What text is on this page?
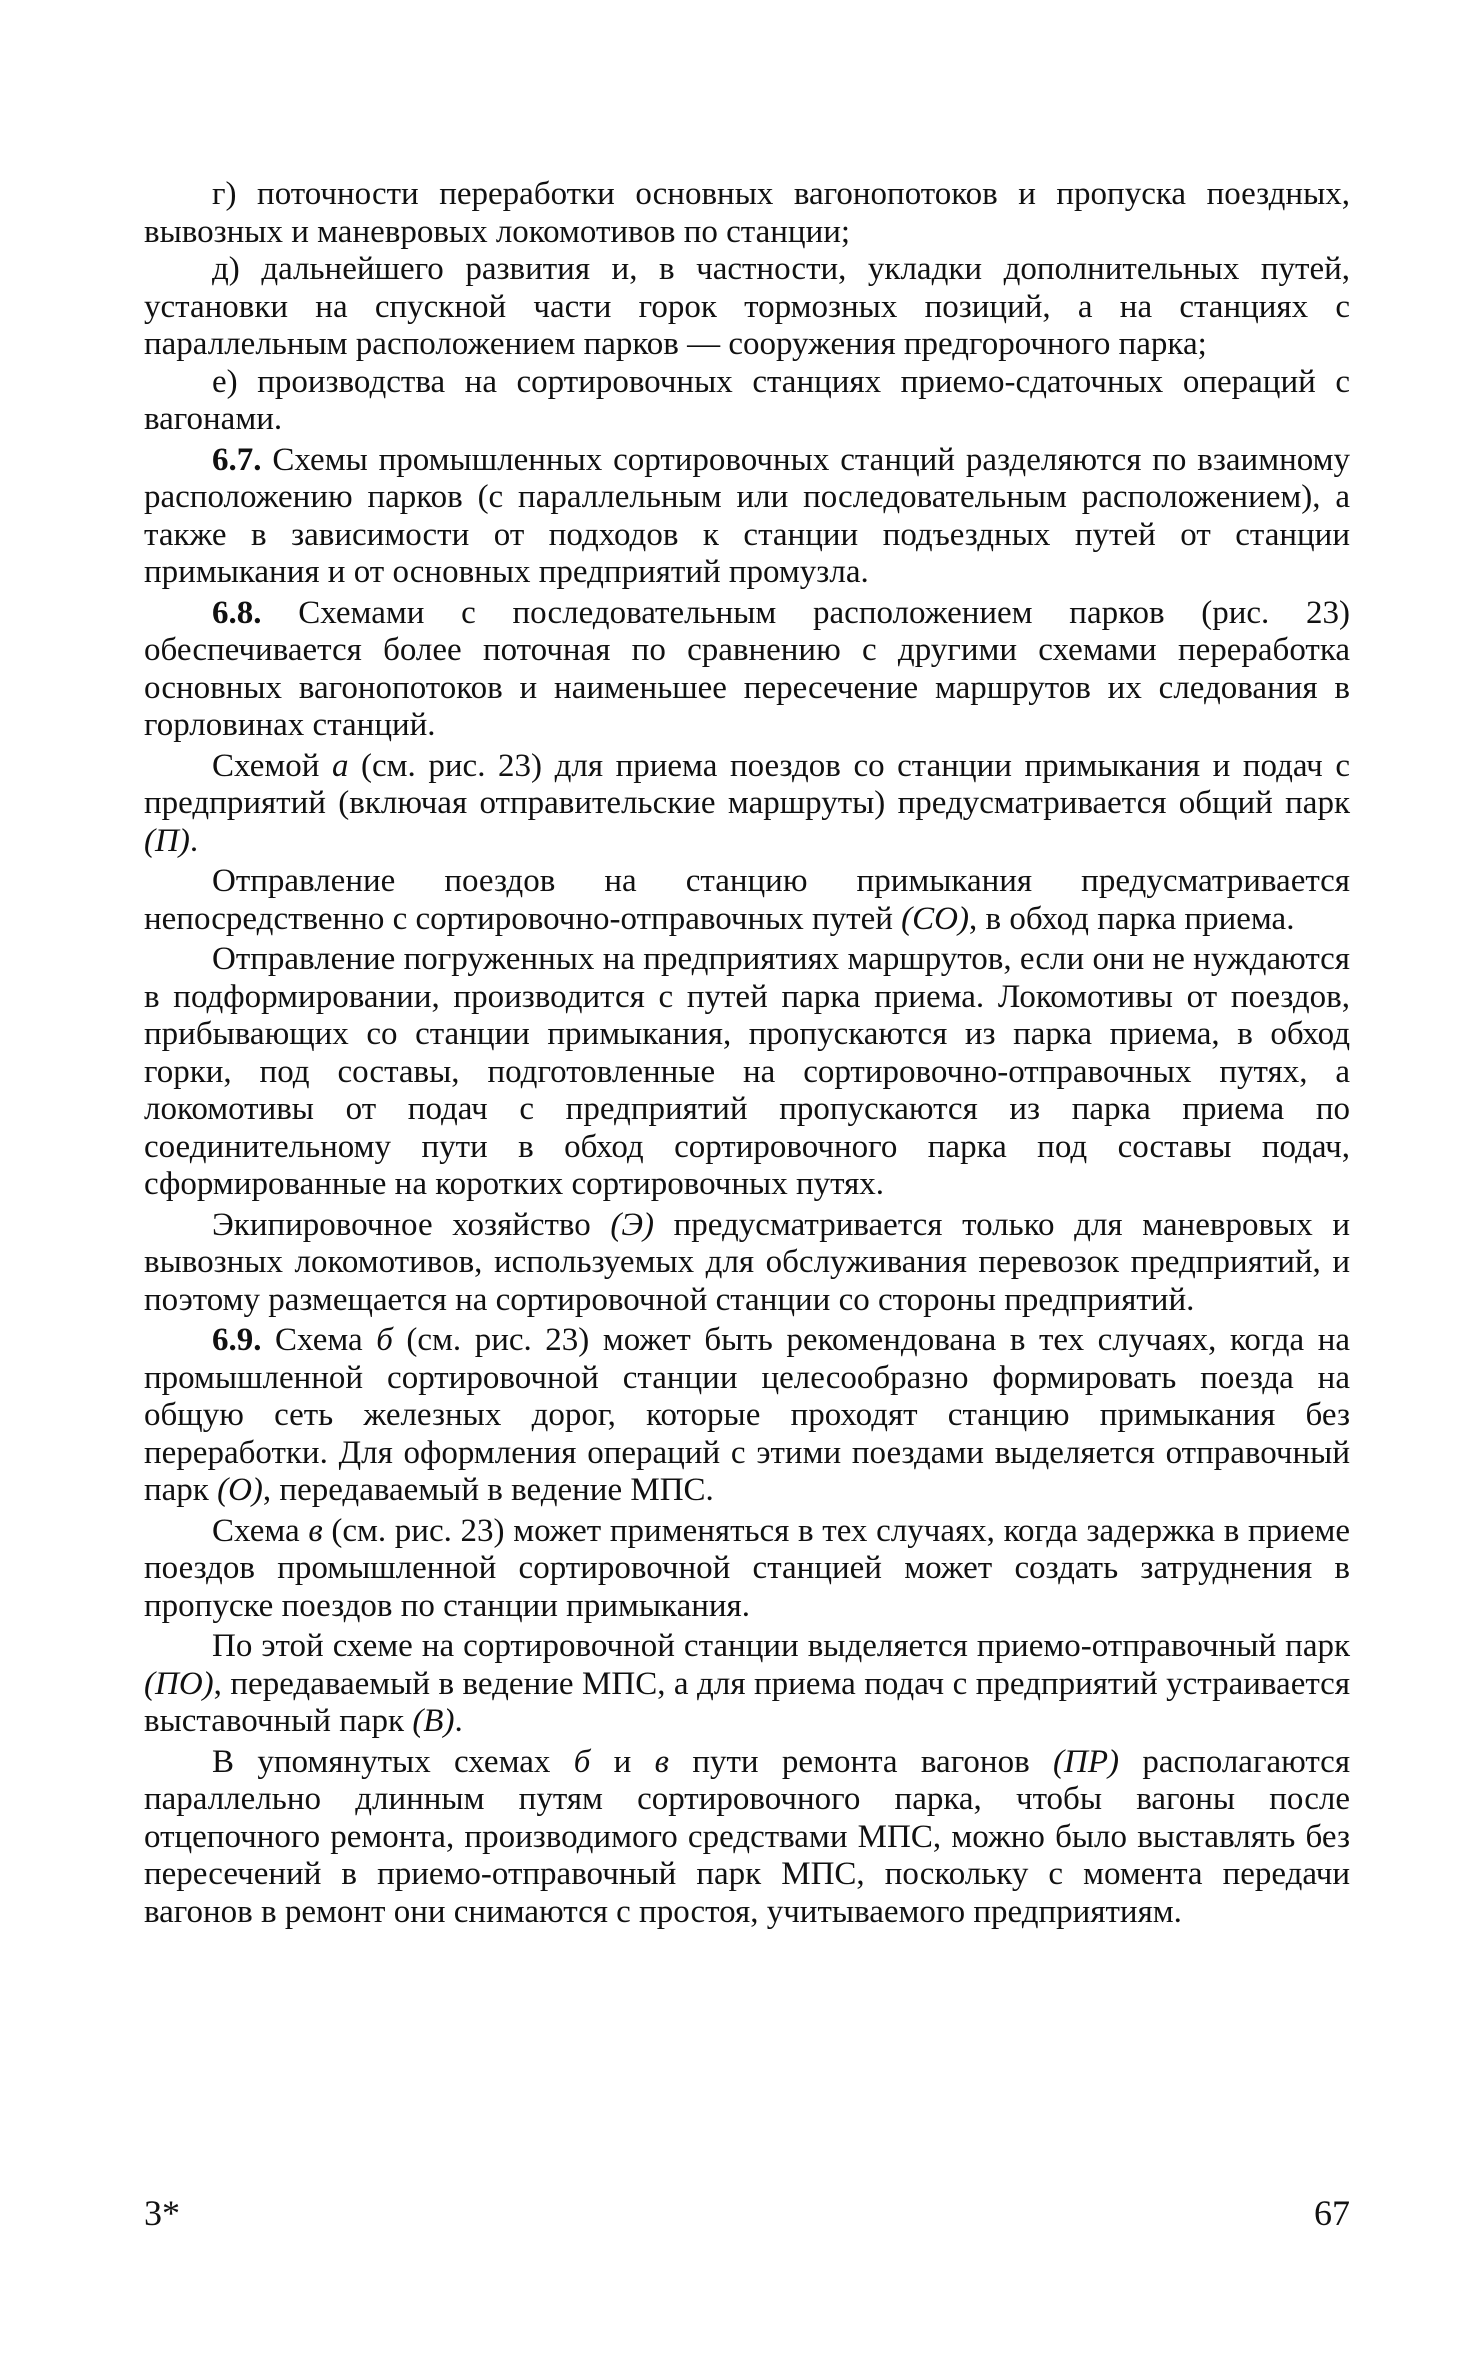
г) поточности переработки основных вагонопотоков и пропуска поездных, вывозных и маневровых локомотивов по станции;

д) дальнейшего развития и, в частности, укладки дополнительных путей, установки на спускной части горок тормозных позиций, а на станциях с параллельным расположением парков — сооружения предгорочного парка;

е) производства на сортировочных станциях приемо-сдаточных операций с вагонами.

6.7. Схемы промышленных сортировочных станций разделяются по взаимному расположению парков (с параллельным или последовательным расположением), а также в зависимости от подходов к станции подъездных путей от станции примыкания и от основных предприятий промузла.

6.8. Схемами с последовательным расположением парков (рис. 23) обеспечивается более поточная по сравнению с другими схемами переработка основных вагонопотоков и наименьшее пересечение маршрутов их следования в горловинах станций.

Схемой а (см. рис. 23) для приема поездов со станции примыкания и подач с предприятий (включая отправительские маршруты) предусматривается общий парк (П).

Отправление поездов на станцию примыкания предусматривается непосредственно с сортировочно-отправочных путей (СО), в обход парка приема.

Отправление погруженных на предприятиях маршрутов, если они не нуждаются в подформировании, производится с путей парка приема. Локомотивы от поездов, прибывающих со станции примыкания, пропускаются из парка приема, в обход горки, под составы, подготовленные на сортировочно-отправочных путях, а локомотивы от подач с предприятий пропускаются из парка приема по соединительному пути в обход сортировочного парка под составы подач, сформированные на коротких сортировочных путях.

Экипировочное хозяйство (Э) предусматривается только для маневровых и вывозных локомотивов, используемых для обслуживания перевозок предприятий, и поэтому размещается на сортировочной станции со стороны предприятий.

6.9. Схема б (см. рис. 23) может быть рекомендована в тех случаях, когда на промышленной сортировочной станции целесообразно формировать поезда на общую сеть железных дорог, которые проходят станцию примыкания без переработки. Для оформления операций с этими поездами выделяется отправочный парк (О), передаваемый в ведение МПС.

Схема в (см. рис. 23) может применяться в тех случаях, когда задержка в приеме поездов промышленной сортировочной станцией может создать затруднения в пропуске поездов по станции примыкания.

По этой схеме на сортировочной станции выделяется приемо-отправочный парк (ПО), передаваемый в ведение МПС, а для приема подач с предприятий устраивается выставочный парк (В).

В упомянутых схемах б и в пути ремонта вагонов (ПР) располагаются параллельно длинным путям сортировочного парка, чтобы вагоны после отцепочного ремонта, производимого средствами МПС, можно было выставлять без пересечений в приемо-отправочный парк МПС, поскольку с момента передачи вагонов в ремонт они снимаются с простоя, учитываемого предприятиям.

3*	67
